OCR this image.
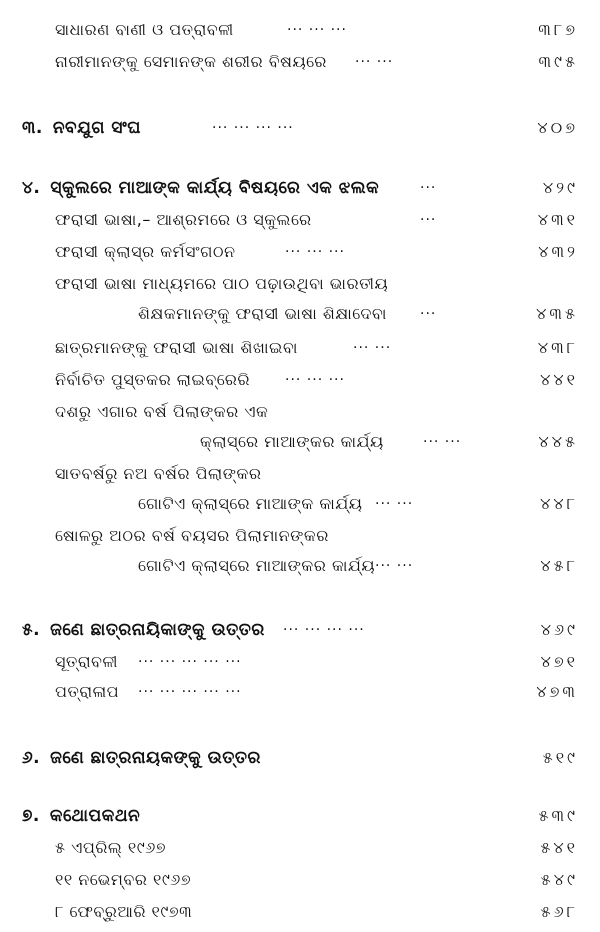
ସାଧାରଣ ବାଣୀ ଓ ପତ୍ରାବଳୀ	··· ··· ···	୩୮୭
ନାରୀମାନଙ୍କୁ ସେମାନଙ୍କ ଶରୀର ବିଷୟରେ ··· ···	୩୯୫
୩. ନବଯୁଗ ସଂଘ	··· ··· ··· ···	୪୦୭
୪. ସ୍କୁଲରେ ମାଆଙ୍କ କାର୍ଯ୍ୟ ବିଷୟରେ ଏକ ଝଲକ	···	୪୨୯
ଫରାସୀ ଭାଷା,– ଆଶ୍ରମରେ ଓ ସ୍କୁଲରେ	···	୪୩୧
ଫରାସୀ କ୍ଲାସ୍‌ର କର୍ମସଂଗଠନ	··· ··· ···	୪୩୨
ଫରାସୀ ଭାଷା ମାଧ୍ୟମରେ ପାଠ ପଢ଼ାଉଥିବା ଭାରତୀୟ
ଶିକ୍ଷକମାନଙ୍କୁ ଫରାସୀ ଭାଷା ଶିକ୍ଷାଦେବା ···	୪୩୫
ଛାତ୍ରମାନଙ୍କୁ ଫରାସୀ ଭାଷା ଶିଖାଇବା	··· ···	୪୩୮
ନିର୍ବାଚିତ ପୁସ୍ତକର ଲାଇବ୍ରେରି ··· ··· ···	୪୪୧
ଦଶରୁ ଏଗାର ବର୍ଷ ପିଲାଙ୍କର ଏକ
କ୍ଲାସ୍‌ରେ ମାଆଙ୍କର କାର୍ଯ୍ୟ	··· ···	୪୪୫
ସାତବର୍ଷରୁ ନଅ ବର୍ଷର ପିଲାଙ୍କର
ଗୋଟିଏ କ୍ଲାସ୍‌ରେ ମାଆଙ୍କ କାର୍ଯ୍ୟ ··· ···	୪୪୮
ଷୋଳରୁ ଅଠର ବର୍ଷ ବୟସର ପିଲାମାନଙ୍କର
ଗୋଟିଏ କ୍ଲାସ୍‌ରେ ମାଆଙ୍କର କାର୍ଯ୍ୟ ··· ···	୪୫୮
୫. ଜଣେ ଛାତ୍ରନାୟିକାଙ୍କୁ ଉତ୍ତର ··· ··· ··· ···	୪୬୯
ସୂତ୍ରାବଳୀ ··· ··· ··· ··· ···	୪୭୧
ପତ୍ରାଳାପ ··· ··· ··· ··· ···	୪୭୩
୬. ଜଣେ ଛାତ୍ରନାୟକଙ୍କୁ ଉତ୍ତର	୫୧୯
୭. କଥୋପକଥନ	୫୩୯
୫ ଏପ୍ରିଲ୍ ୧୯୬୭	୫୪୧
୧୧ ନଭେମ୍ବର ୧୯୬୭	୫୪୯
୮ ଫେବ୍ରୁଆରି ୧୯୭୩	୫୬୮
